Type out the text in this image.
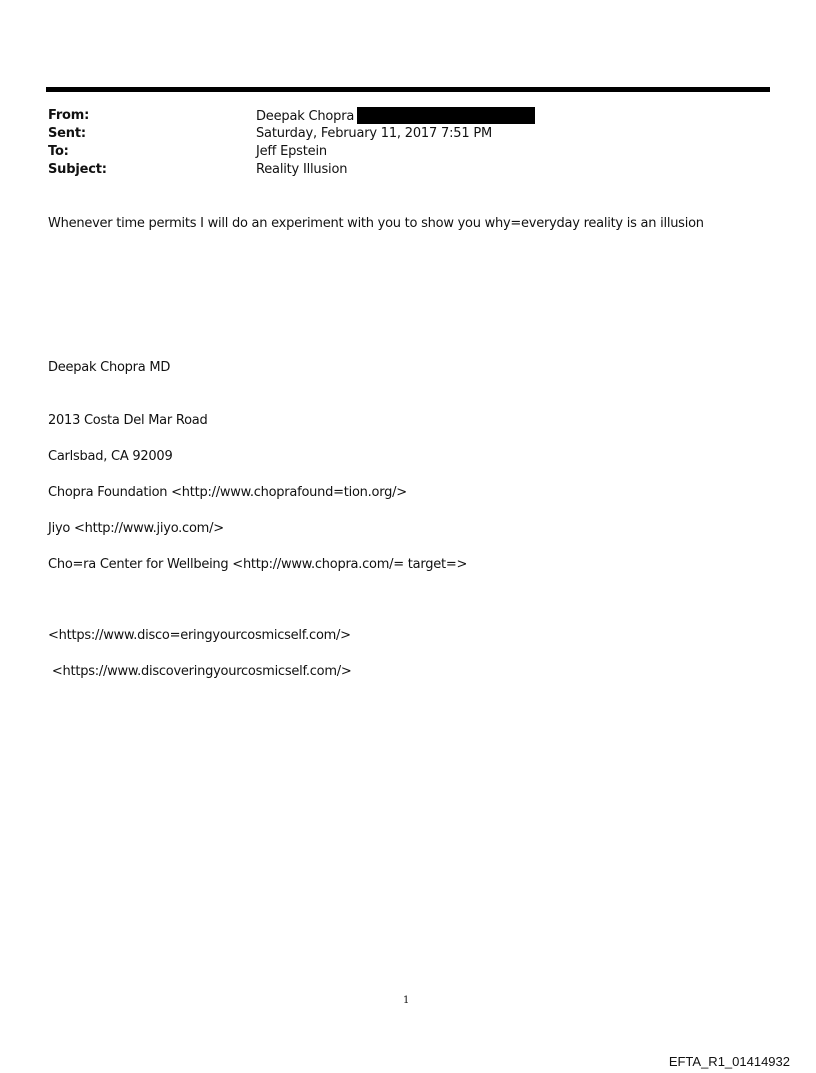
From:	Deepak Chopra
Sent:	Saturday, February 11, 2017 7:51 PM
To:	Jeff Epstein
Subject:	Reality Illusion
Whenever time permits I will do an experiment with you to show you why=everyday reality is an illusion
Deepak Chopra MD
2013 Costa Del Mar Road
Carlsbad, CA 92009
Chopra Foundation <http://www.choprafound=tion.org/>
Jiyo <http://www.jiyo.com/>
Cho=ra Center for Wellbeing <http://www.chopra.com/= target=>
<https://www.disco=eringyourcosmicself.com/>
<https://www.discoveringyourcosmicself.com/>
1
EFTA_R1_01414932
